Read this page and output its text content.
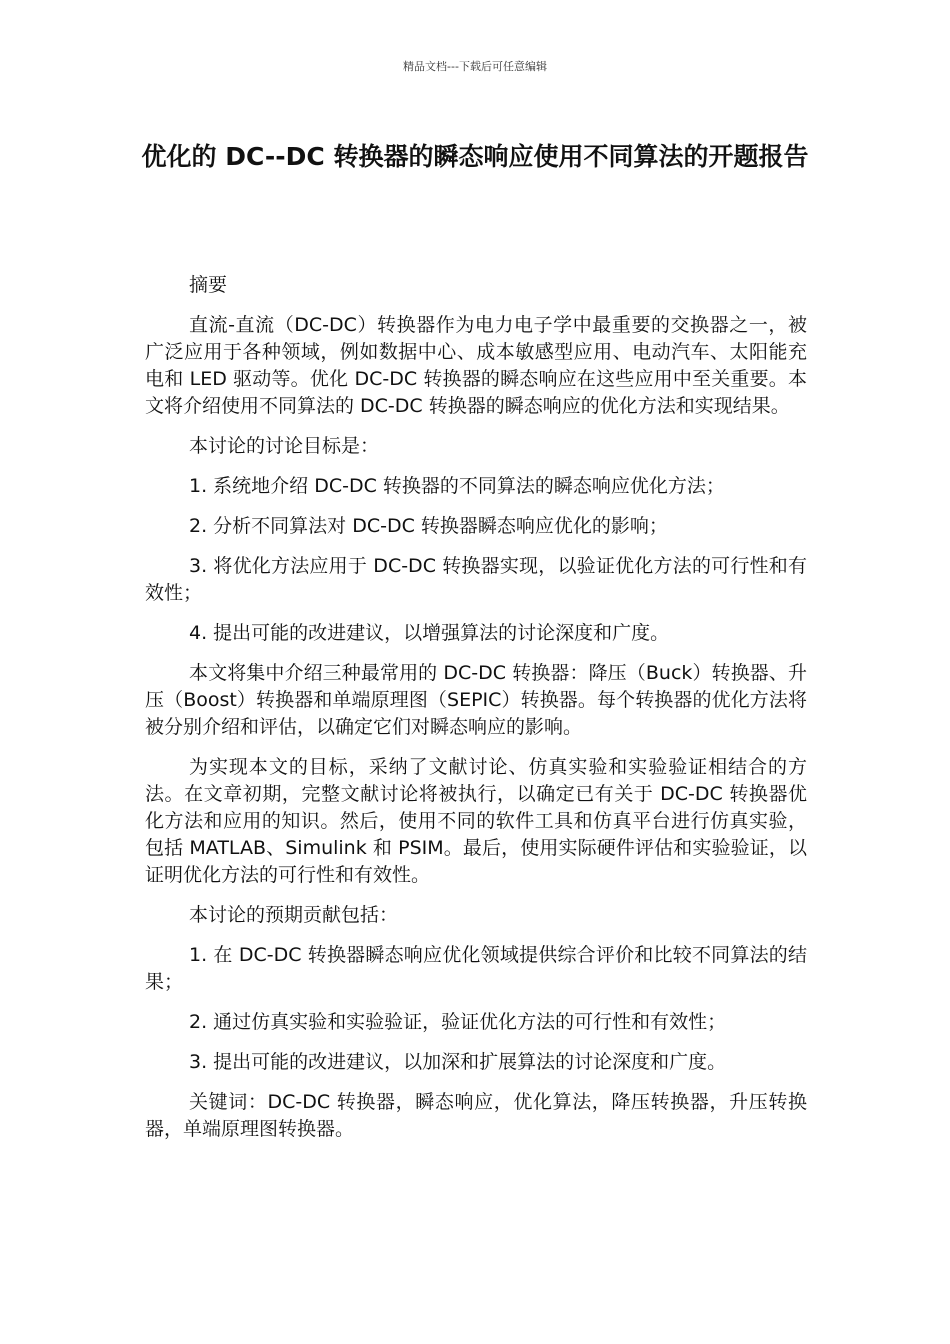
精品文档---下载后可任意编辑
优化的 DC--DC 转换器的瞬态响应使用不同算法的开题报告

摘要

直流-直流（DC-DC）转换器作为电力电子学中最重要的交换器之一，被广泛应用于各种领域，例如数据中心、成本敏感型应用、电动汽车、太阳能充电和 LED 驱动等。优化 DC-DC 转换器的瞬态响应在这些应用中至关重要。本文将介绍使用不同算法的 DC-DC 转换器的瞬态响应的优化方法和实现结果。

本讨论的讨论目标是：

1. 系统地介绍 DC-DC 转换器的不同算法的瞬态响应优化方法；

2. 分析不同算法对 DC-DC 转换器瞬态响应优化的影响；

3. 将优化方法应用于 DC-DC 转换器实现，以验证优化方法的可行性和有效性；

4. 提出可能的改进建议，以增强算法的讨论深度和广度。

本文将集中介绍三种最常用的 DC-DC 转换器：降压（Buck）转换器、升压（Boost）转换器和单端原理图（SEPIC）转换器。每个转换器的优化方法将被分别介绍和评估，以确定它们对瞬态响应的影响。

为实现本文的目标，采纳了文献讨论、仿真实验和实验验证相结合的方法。在文章初期，完整文献讨论将被执行，以确定已有关于 DC-DC 转换器优化方法和应用的知识。然后，使用不同的软件工具和仿真平台进行仿真实验，包括 MATLAB、Simulink 和 PSIM。最后，使用实际硬件评估和实验验证，以证明优化方法的可行性和有效性。

本讨论的预期贡献包括：

1. 在 DC-DC 转换器瞬态响应优化领域提供综合评价和比较不同算法的结果；

2. 通过仿真实验和实验验证，验证优化方法的可行性和有效性；

3. 提出可能的改进建议，以加深和扩展算法的讨论深度和广度。

关键词：DC-DC 转换器，瞬态响应，优化算法，降压转换器，升压转换器，单端原理图转换器。
